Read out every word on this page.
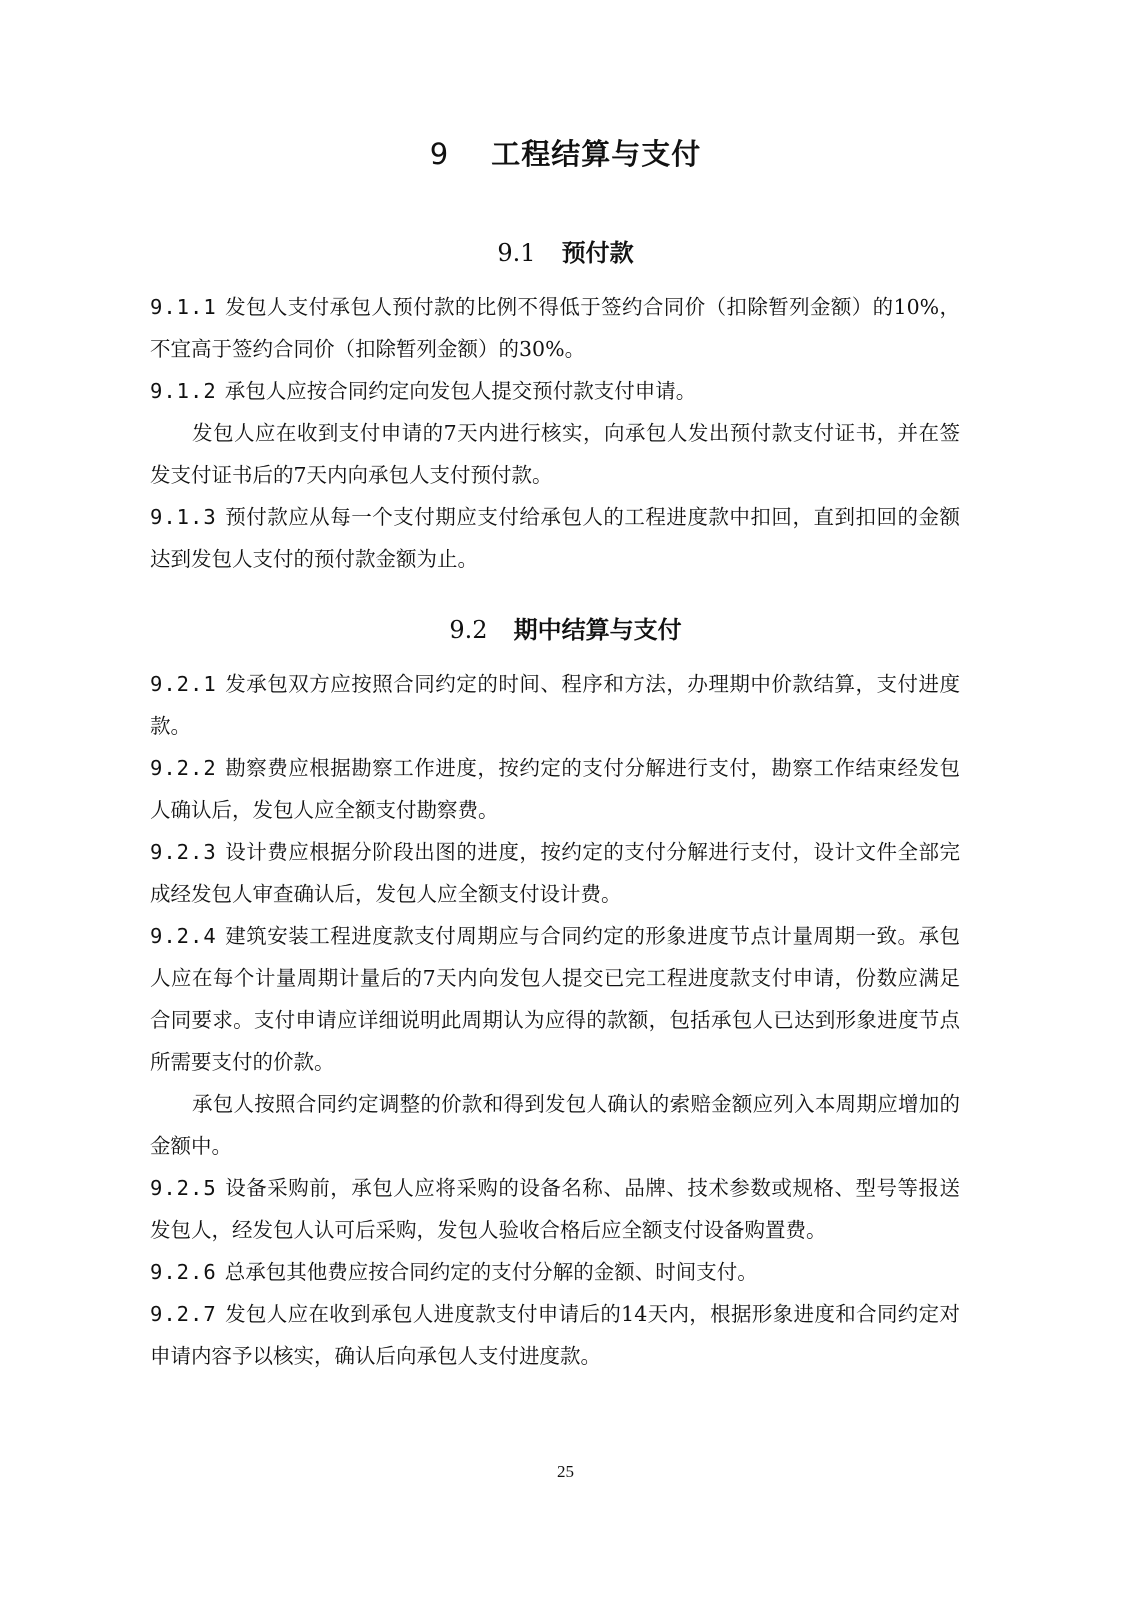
9 工程结算与支付
9.1 预付款

9.1.1 发包人支付承包人预付款的比例不得低于签约合同价（扣除暂列金额）的10%，不宜高于签约合同价（扣除暂列金额）的30%。

9.1.2 承包人应按合同约定向发包人提交预付款支付申请。

发包人应在收到支付申请的7天内进行核实，向承包人发出预付款支付证书，并在签发支付证书后的7天内向承包人支付预付款。

9.1.3 预付款应从每一个支付期应支付给承包人的工程进度款中扣回，直到扣回的金额达到发包人支付的预付款金额为止。

9.2 期中结算与支付

9.2.1 发承包双方应按照合同约定的时间、程序和方法，办理期中价款结算，支付进度款。

9.2.2 勘察费应根据勘察工作进度，按约定的支付分解进行支付，勘察工作结束经发包人确认后，发包人应全额支付勘察费。

9.2.3 设计费应根据分阶段出图的进度，按约定的支付分解进行支付，设计文件全部完成经发包人审查确认后，发包人应全额支付设计费。

9.2.4 建筑安装工程进度款支付周期应与合同约定的形象进度节点计量周期一致。承包人应在每个计量周期计量后的7天内向发包人提交已完工程进度款支付申请，份数应满足合同要求。支付申请应详细说明此周期认为应得的款额，包括承包人已达到形象进度节点所需要支付的价款。

承包人按照合同约定调整的价款和得到发包人确认的索赔金额应列入本周期应增加的金额中。

9.2.5 设备采购前，承包人应将采购的设备名称、品牌、技术参数或规格、型号等报送发包人，经发包人认可后采购，发包人验收合格后应全额支付设备购置费。

9.2.6 总承包其他费应按合同约定的支付分解的金额、时间支付。

9.2.7 发包人应在收到承包人进度款支付申请后的14天内，根据形象进度和合同约定对申请内容予以核实，确认后向承包人支付进度款。

25
